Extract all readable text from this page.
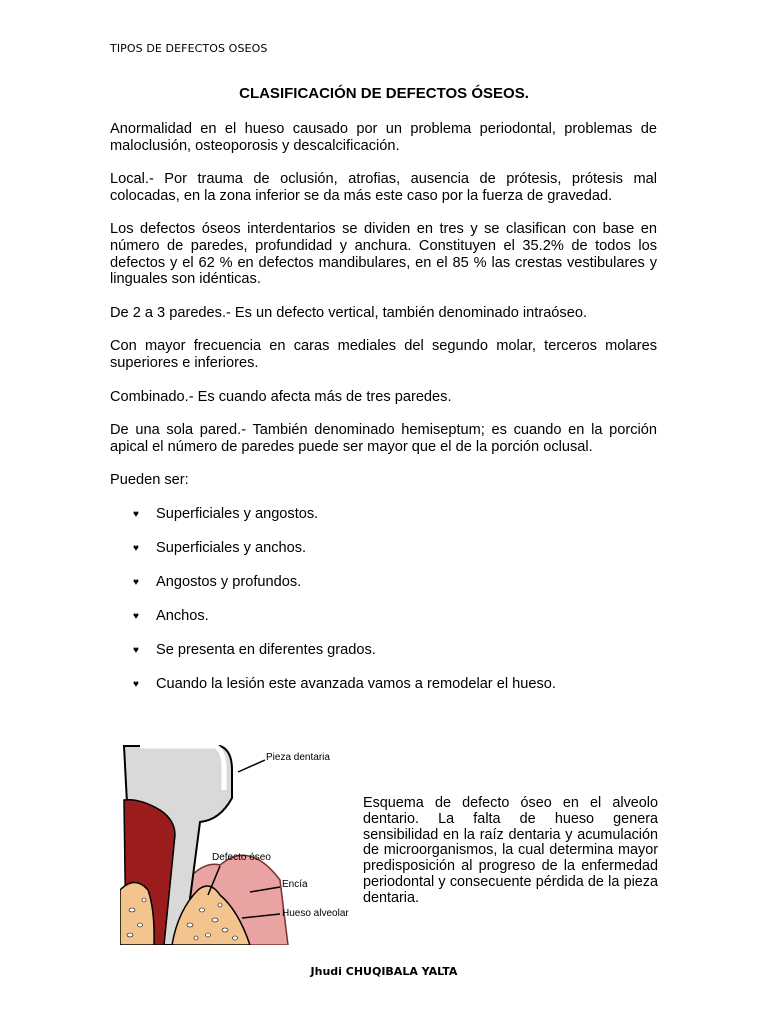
TIPOS DE DEFECTOS OSEOS
CLASIFICACIÓN DE DEFECTOS ÓSEOS.

Anormalidad en el hueso causado por un problema periodontal, problemas de maloclusión, osteoporosis y descalcificación.

Local.- Por trauma de oclusión, atrofias, ausencia de prótesis, prótesis mal colocadas, en la zona inferior se da más este caso por la fuerza de gravedad.

Los defectos óseos interdentarios se dividen en tres y se clasifican con base en número de paredes, profundidad y anchura. Constituyen el 35.2% de todos los defectos y el 62 % en defectos mandibulares, en el 85 % las crestas vestibulares y linguales son idénticas.

De 2 a 3 paredes.- Es un defecto vertical, también denominado intraóseo.

Con mayor frecuencia en caras mediales del segundo molar, terceros molares superiores e inferiores.

Combinado.- Es cuando afecta más de tres paredes.

De una sola pared.- También denominado hemiseptum; es cuando en la porción apical el número de paredes puede ser mayor que el de la porción oclusal.

Pueden ser:

♥ Superficiales y angostos.
♥ Superficiales y anchos.
♥ Angostos y profundos.
♥ Anchos.
♥ Se presenta en diferentes grados.
♥ Cuando la lesión este avanzada vamos a remodelar el hueso.
Pieza dentaria
Defecto óseo
Encía
Hueso alveolar
Esquema de defecto óseo en el alveolo dentario. La falta de hueso genera sensibilidad en la raíz dentaria y acumulación de microorganismos, la cual determina mayor predisposición al progreso de la enfermedad periodontal y consecuente pérdida de la pieza dentaria.
Jhudi CHUQIBALA YALTA
